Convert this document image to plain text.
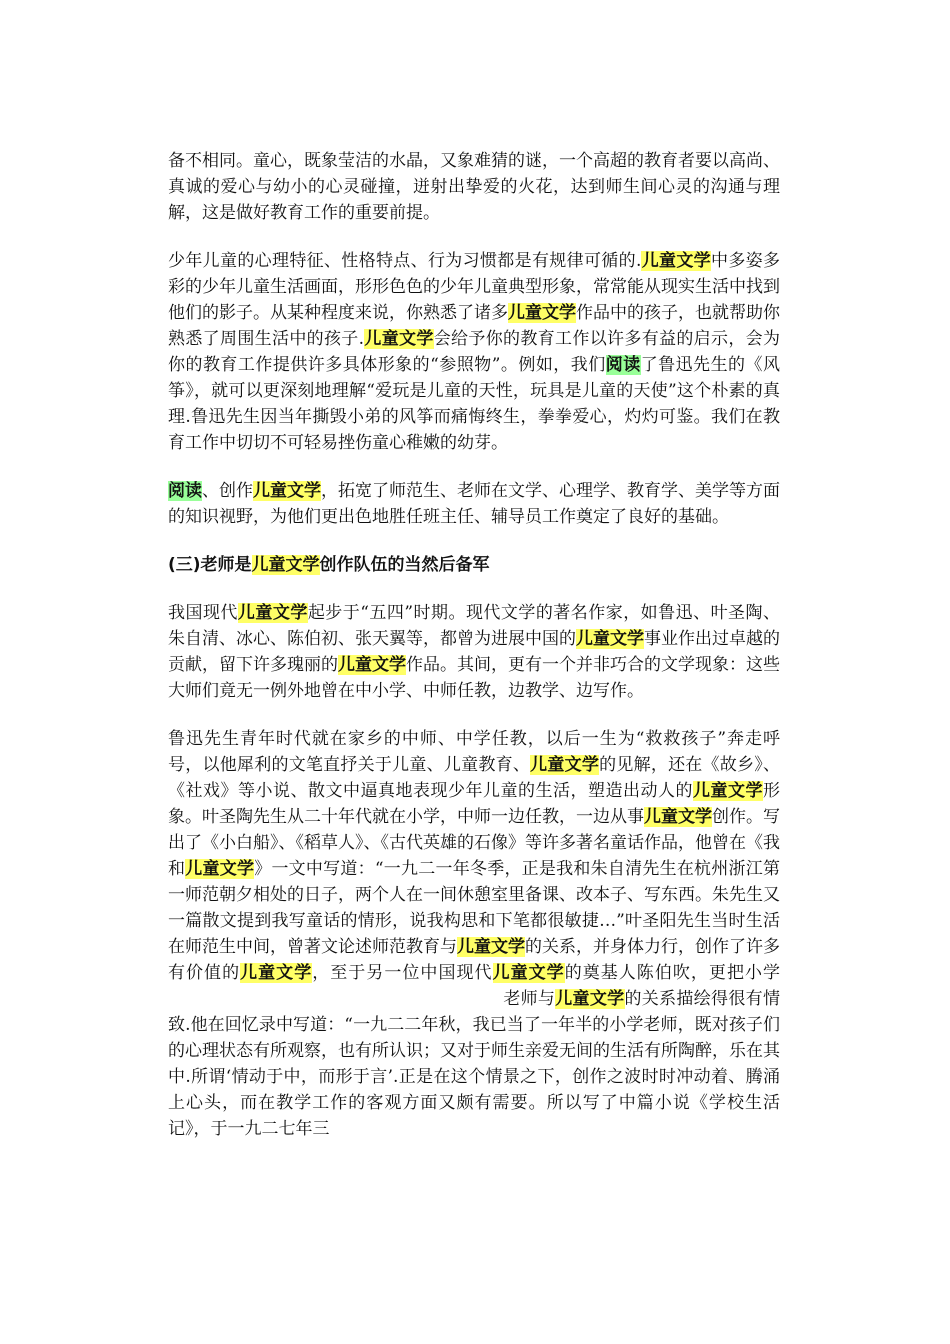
备不相同。童心，既象莹洁的水晶，又象难猜的谜，一个高超的教育者要以高尚、真诚的爱心与幼小的心灵碰撞，迸射出挚爱的火花，达到师生间心灵的沟通与理解，这是做好教育工作的重要前提。

少年儿童的心理特征、性格特点、行为习惯都是有规律可循的.儿童文学中多姿多彩的少年儿童生活画面，形形色色的少年儿童典型形象，常常能从现实生活中找到他们的影子。从某种程度来说，你熟悉了诸多儿童文学作品中的孩子，也就帮助你熟悉了周围生活中的孩子.儿童文学会给予你的教育工作以许多有益的启示，会为你的教育工作提供许多具体形象的“参照物”。例如，我们阅读了鲁迅先生的《风筝》，就可以更深刻地理解“爱玩是儿童的天性，玩具是儿童的天使”这个朴素的真理.鲁迅先生因当年撕毁小弟的风筝而痛悔终生，拳拳爱心，灼灼可鉴。我们在教育工作中切切不可轻易挫伤童心稚嫩的幼芽。

阅读、创作儿童文学，拓宽了师范生、老师在文学、心理学、教育学、美学等方面的知识视野，为他们更出色地胜任班主任、辅导员工作奠定了良好的基础。

(三)老师是儿童文学创作队伍的当然后备军

我国现代儿童文学起步于“五四”时期。现代文学的著名作家，如鲁迅、叶圣陶、朱自清、冰心、陈伯初、张天翼等，都曾为进展中国的儿童文学事业作出过卓越的贡献，留下许多瑰丽的儿童文学作品。其间，更有一个并非巧合的文学现象：这些大师们竟无一例外地曾在中小学、中师任教，边教学、边写作。

鲁迅先生青年时代就在家乡的中师、中学任教，以后一生为“救救孩子”奔走呼号，以他犀利的文笔直抒关于儿童、儿童教育、儿童文学的见解，还在《故乡》、《社戏》等小说、散文中逼真地表现少年儿童的生活，塑造出动人的儿童文学形象。叶圣陶先生从二十年代就在小学，中师一边任教，一边从事儿童文学创作。写出了《小白船》、《稻草人》、《古代英雄的石像》等许多著名童话作品，他曾在《我和儿童文学》一文中写道：“一九二一年冬季，正是我和朱自清先生在杭州浙江第一师范朝夕相处的日子，两个人在一间休憩室里备课、改本子、写东西。朱先生又一篇散文提到我写童话的情形，说我构思和下笔都很敏捷…”叶圣阳先生当时生活在师范生中间，曾著文论述师范教育与儿童文学的关系，并身体力行，创作了许多有价值的儿童文学，至于另一位中国现代儿童文学的奠基人陈伯吹，更把小学老师与儿童文学的关系描绘得很有情致.他在回忆录中写道：“一九二二年秋，我已当了一年半的小学老师，既对孩子们的心理状态有所观察，也有所认识；又对于师生亲爱无间的生活有所陶醉，乐在其中.所谓‘情动于中，而形于言’.正是在这个情景之下，创作之波时时冲动着、腾涌上心头，而在教学工作的客观方面又颇有需要。所以写了中篇小说《学校生活记》，于一九二七年三
